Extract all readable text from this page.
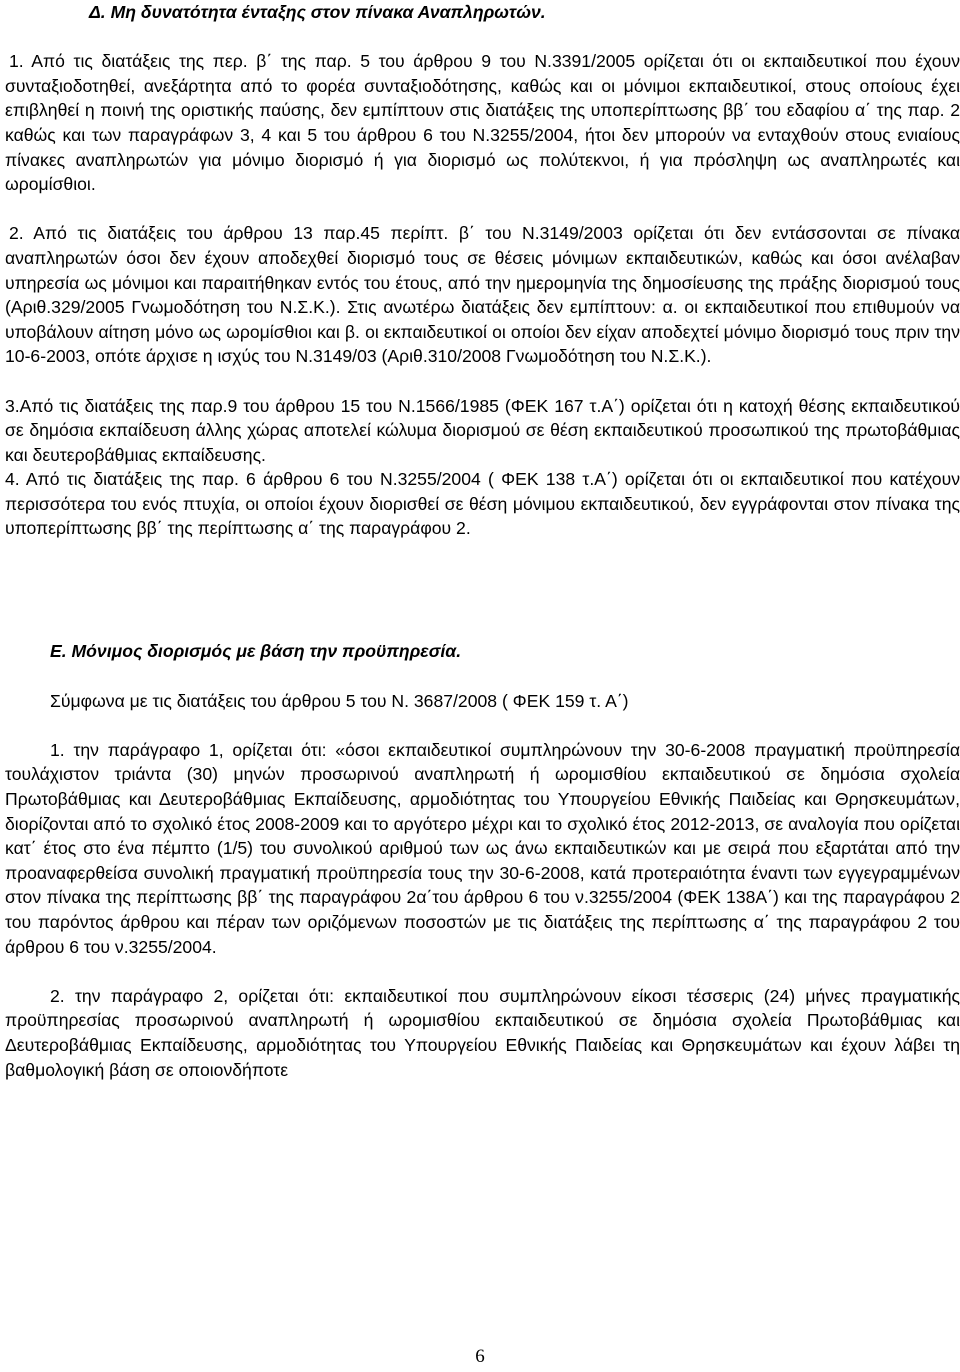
Δ. Μη δυνατότητα ένταξης στον πίνακα Αναπληρωτών.

1. Από τις διατάξεις της περ. β΄ της παρ. 5 του άρθρου 9 του Ν.3391/2005 ορίζεται ότι οι εκπαιδευτικοί που έχουν συνταξιοδοτηθεί, ανεξάρτητα από το φορέα συνταξιοδότησης, καθώς και οι μόνιμοι εκπαιδευτικοί, στους οποίους έχει επιβληθεί η ποινή της οριστικής παύσης, δεν εμπίπτουν στις διατάξεις της υποπερίπτωσης ββ΄ του εδαφίου α΄ της παρ. 2 καθώς και των παραγράφων 3, 4 και 5 του άρθρου 6 του Ν.3255/2004, ήτοι δεν μπορούν να ενταχθούν στους ενιαίους πίνακες αναπληρωτών για μόνιμο διορισμό ή για διορισμό ως πολύτεκνοι, ή για πρόσληψη ως αναπληρωτές και ωρομίσθιοι.

2. Από τις διατάξεις του άρθρου 13 παρ.45 περίπτ. β΄ του Ν.3149/2003 ορίζεται ότι δεν εντάσσονται σε πίνακα αναπληρωτών όσοι δεν έχουν αποδεχθεί διορισμό τους σε θέσεις μόνιμων εκπαιδευτικών, καθώς και όσοι ανέλαβαν υπηρεσία ως μόνιμοι και παραιτήθηκαν εντός του έτους, από την ημερομηνία της δημοσίευσης της πράξης διορισμού τους (Αριθ.329/2005 Γνωμοδότηση του Ν.Σ.Κ.). Στις ανωτέρω διατάξεις δεν εμπίπτουν: α. οι εκπαιδευτικοί που επιθυμούν να υποβάλουν αίτηση μόνο ως ωρομίσθιοι και β. οι εκπαιδευτικοί οι οποίοι δεν είχαν αποδεχτεί μόνιμο διορισμό τους πριν την 10-6-2003, οπότε άρχισε η ισχύς του Ν.3149/03 (Αριθ.310/2008 Γνωμοδότηση του Ν.Σ.Κ.).

3.Από τις διατάξεις της παρ.9 του άρθρου 15 του Ν.1566/1985 (ΦΕΚ 167 τ.Α΄) ορίζεται ότι η κατοχή θέσης εκπαιδευτικού σε δημόσια εκπαίδευση άλλης χώρας αποτελεί κώλυμα διορισμού σε θέση εκπαιδευτικού προσωπικού της πρωτοβάθμιας και δευτεροβάθμιας εκπαίδευσης.

4. Από τις διατάξεις της παρ. 6 άρθρου 6 του Ν.3255/2004 ( ΦΕΚ 138 τ.Α΄) ορίζεται ότι οι εκπαιδευτικοί που κατέχουν περισσότερα του ενός πτυχία, οι οποίοι έχουν διορισθεί σε θέση μόνιμου εκπαιδευτικού, δεν εγγράφονται στον πίνακα της υποπερίπτωσης ββ΄ της περίπτωσης α΄ της παραγράφου 2.

Ε. Μόνιμος διορισμός με βάση την προϋπηρεσία.

Σύμφωνα με τις διατάξεις του άρθρου 5 του Ν. 3687/2008 ( ΦΕΚ 159 τ. Α΄)

1. την παράγραφο 1, ορίζεται ότι: «όσοι εκπαιδευτικοί συμπληρώνουν την 30-6-2008 πραγματική προϋπηρεσία τουλάχιστον τριάντα (30) μηνών προσωρινού αναπληρωτή ή ωρομισθίου εκπαιδευτικού σε δημόσια σχολεία Πρωτοβάθμιας και Δευτεροβάθμιας Εκπαίδευσης, αρμοδιότητας του Υπουργείου Εθνικής Παιδείας και Θρησκευμάτων, διορίζονται από το σχολικό έτος 2008-2009 και το αργότερο μέχρι και το σχολικό έτος 2012-2013, σε αναλογία που ορίζεται κατ΄ έτος στο ένα πέμπτο (1/5) του συνολικού αριθμού των ως άνω εκπαιδευτικών και με σειρά που εξαρτάται από την προαναφερθείσα συνολική πραγματική προϋπηρεσία τους την 30-6-2008, κατά προτεραιότητα έναντι των εγγεγραμμένων στον πίνακα της περίπτωσης ββ΄ της παραγράφου 2α΄του άρθρου 6 του ν.3255/2004 (ΦΕΚ 138Α΄) και της παραγράφου 2 του παρόντος άρθρου και πέραν των οριζόμενων ποσοστών με τις διατάξεις της περίπτωσης α΄ της παραγράφου 2 του άρθρου 6 του ν.3255/2004.

2. την παράγραφο 2, ορίζεται ότι: εκπαιδευτικοί που συμπληρώνουν είκοσι τέσσερις (24) μήνες πραγματικής προϋπηρεσίας προσωρινού αναπληρωτή ή ωρομισθίου εκπαιδευτικού σε δημόσια σχολεία Πρωτοβάθμιας και Δευτεροβάθμιας Εκπαίδευσης, αρμοδιότητας του Υπουργείου Εθνικής Παιδείας και Θρησκευμάτων και έχουν λάβει τη βαθμολογική βάση σε οποιονδήποτε

6
